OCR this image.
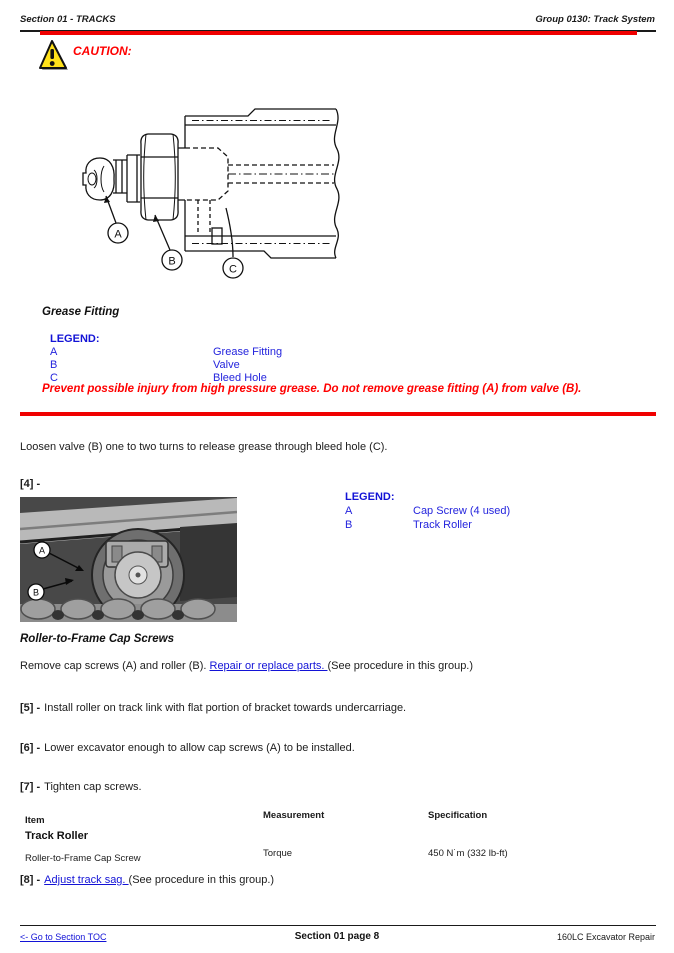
Section 01 - TRACKS	Group 0130: Track System
CAUTION:
A
B
C
Grease Fitting
LEGEND:
A	Grease Fitting
B	Valve
C	Bleed Hole
Prevent possible injury from high pressure grease. Do not remove grease fitting (A) from valve (B).
Loosen valve (B) one to two turns to release grease through bleed hole (C).
[4] -
A
B
LEGEND:
A	Cap Screw (4 used)
B	Track Roller
Roller-to-Frame Cap Screws
Remove cap screws (A) and roller (B). Repair or replace parts. (See procedure in this group.)
[5] - Install roller on track link with flat portion of bracket towards undercarriage.
[6] - Lower excavator enough to allow cap screws (A) to be installed.
[7] - Tighten cap screws.
Item	Measurement	Specification
Track Roller
Roller-to-Frame Cap Screw	Torque	450 N˙m (332 lb-ft)
[8] - Adjust track sag. (See procedure in this group.)
<- Go to Section TOC	Section 01 page 8	160LC Excavator Repair
